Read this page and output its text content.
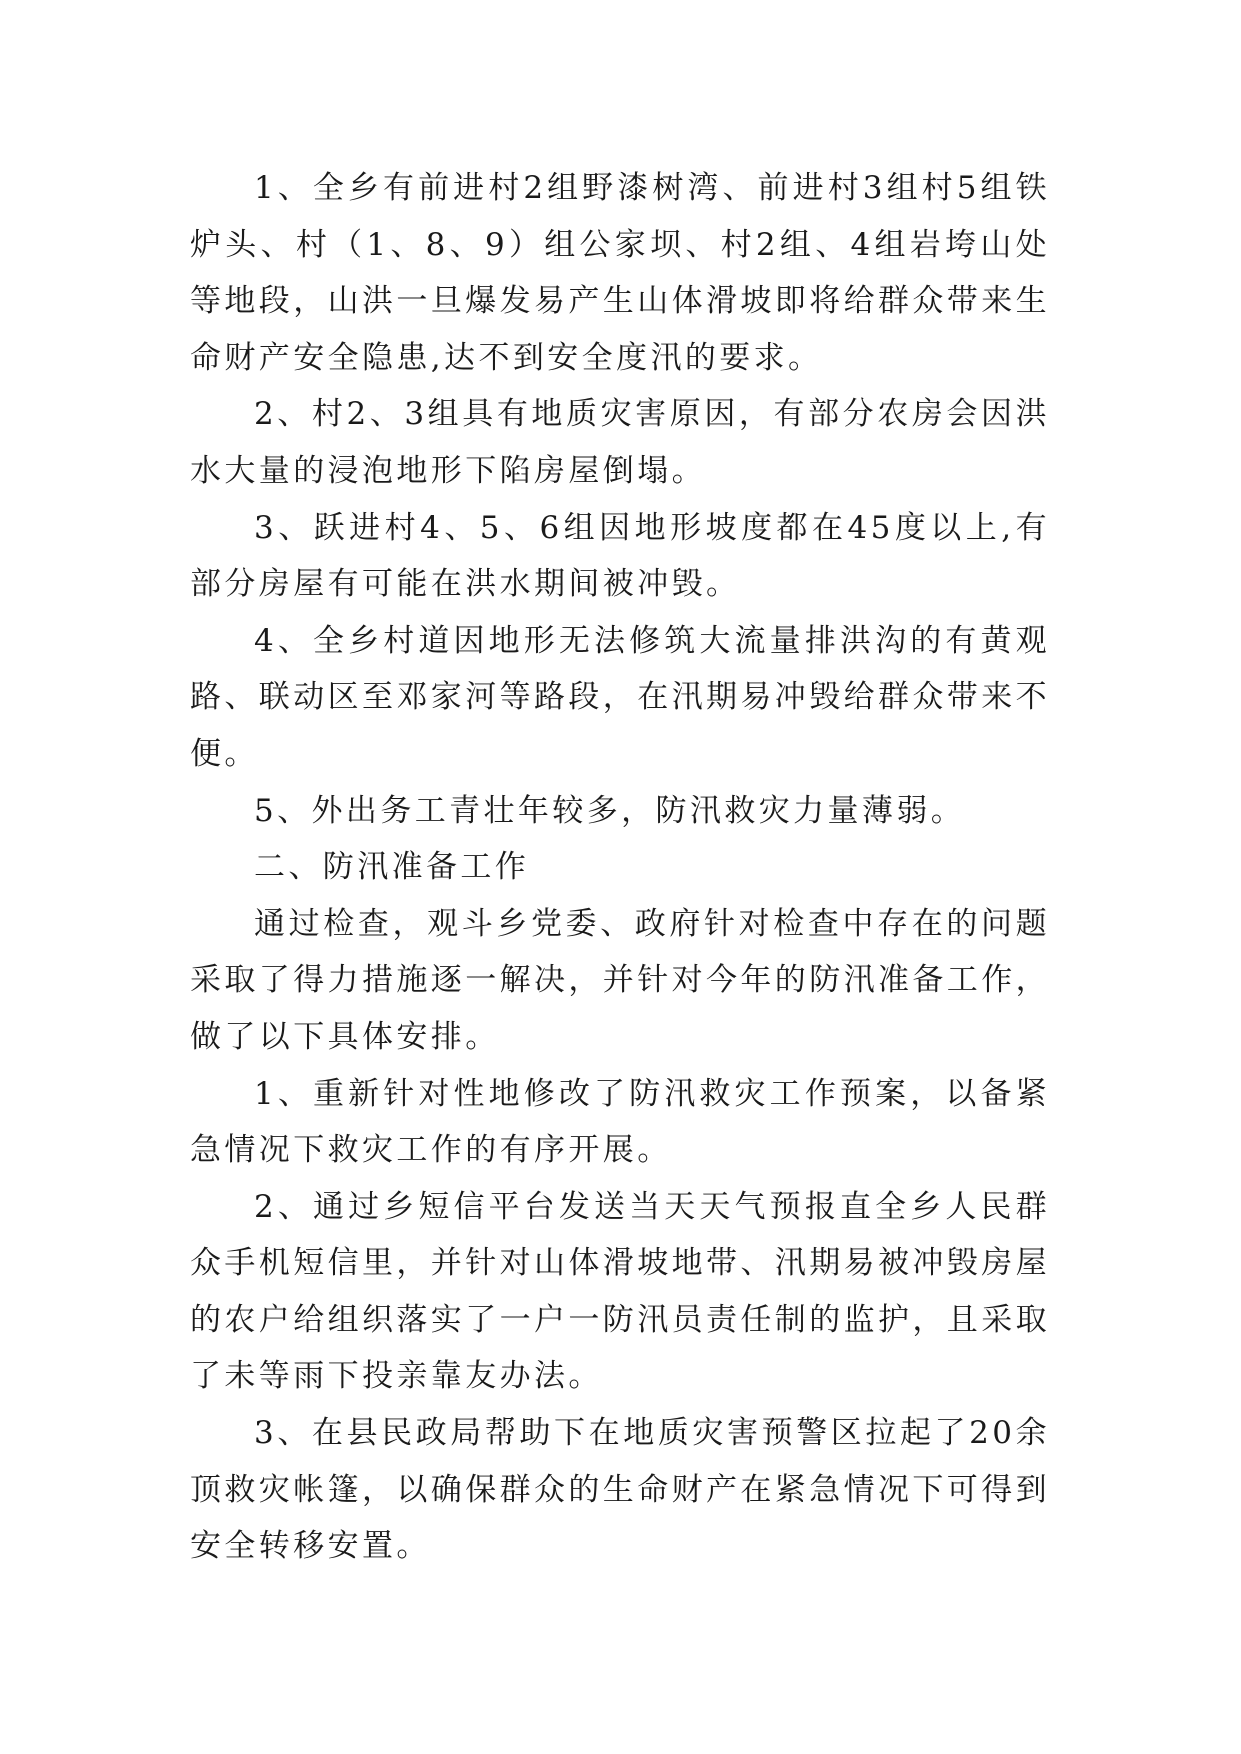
1、全乡有前进村2组野漆树湾、前进村3组村5组铁炉头、村（1、8、9）组公家坝、村2组、4组岩垮山处等地段，山洪一旦爆发易产生山体滑坡即将给群众带来生命财产安全隐患,达不到安全度汛的要求。

2、村2、3组具有地质灾害原因，有部分农房会因洪水大量的浸泡地形下陷房屋倒塌。

3、跃进村4、5、6组因地形坡度都在45度以上,有部分房屋有可能在洪水期间被冲毁。

4、全乡村道因地形无法修筑大流量排洪沟的有黄观路、联动区至邓家河等路段，在汛期易冲毁给群众带来不便。

5、外出务工青壮年较多，防汛救灾力量薄弱。

二、防汛准备工作

通过检查，观斗乡党委、政府针对检查中存在的问题采取了得力措施逐一解决，并针对今年的防汛准备工作，做了以下具体安排。

1、重新针对性地修改了防汛救灾工作预案，以备紧急情况下救灾工作的有序开展。

2、通过乡短信平台发送当天天气预报直全乡人民群众手机短信里，并针对山体滑坡地带、汛期易被冲毁房屋的农户给组织落实了一户一防汛员责任制的监护，且采取了未等雨下投亲靠友办法。

3、在县民政局帮助下在地质灾害预警区拉起了20余顶救灾帐篷，以确保群众的生命财产在紧急情况下可得到安全转移安置。
